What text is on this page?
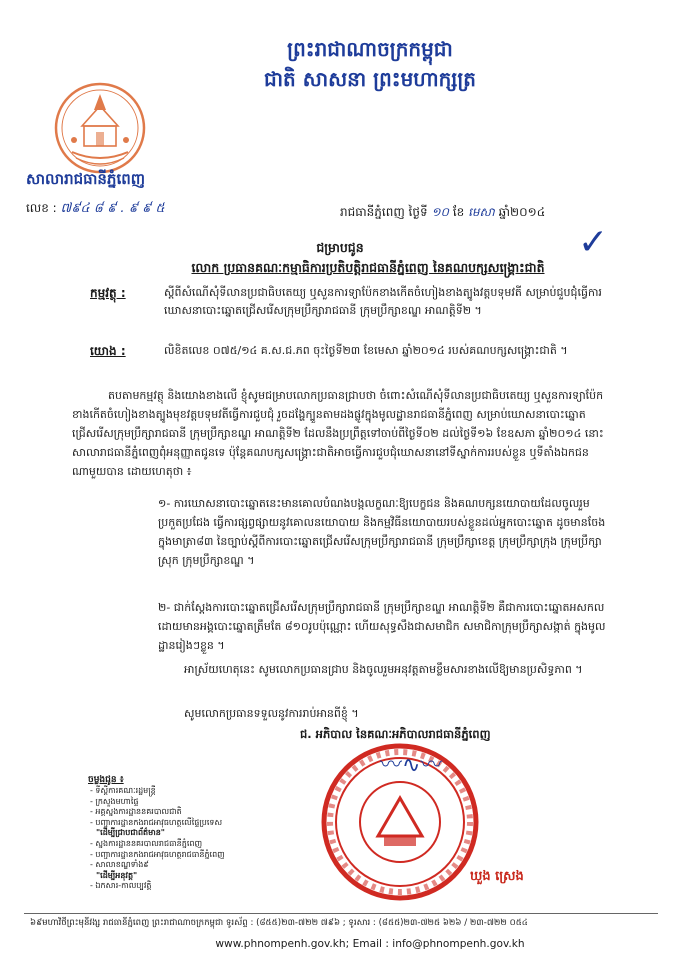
ព្រះរាជាណាចក្រកម្ពុជា
ជាតិ សាសនា ព្រះមហាក្សត្រ
សាលារាជធានីភ្នំពេញ
លេខ : ៧៩៤ ៨ ៩ . ៩ ៩ ៥	រាជធានីភ្នំពេញ ថ្ងៃទី ១០ ខែ មេសា ឆ្នាំ២០១៤
✓
ជម្រាបជូន
លោក ប្រធានគណៈកម្មាធិការប្រតិបត្តិរាជធានីភ្នំពេញ នៃគណបក្សសង្គ្រោះជាតិ
កម្មវត្ថុ :	ស្តីពីសំណើសុំទីលានប្រជាធិបតេយ្យ ឬសួនការទ្យាប៉ែកខាងកើតចំហៀងខាងត្បូងវត្តបទុមវតី សម្រាប់ជួបជុំធ្វើការឃោសនាបោះឆ្នោតជ្រើសរើសក្រុមប្រឹក្សារាជធានី ក្រុមប្រឹក្សាខណ្ឌ អាណត្តិទី២ ។
យោង :	លិខិតលេខ ០៧៥/១៤ គ.ស.ជ.ភព ចុះថ្ងៃទី២៣ ខែមេសា ឆ្នាំ២០១៤ របស់គណបក្សសង្គ្រោះជាតិ ។
តបតាមកម្មវត្ថុ និងយោងខាងលើ ខ្ញុំសូមជម្រាបលោកប្រធានជ្រាបថា ចំពោះសំណើសុំទីលានប្រជាធិបតេយ្យ ឬសួនការទ្យាប៉ែកខាងកើតចំហៀងខាងត្បូងមុខវត្តបទុមវតីធ្វើការជួបជុំ រួចដង្ហែក្បួនតាមដងផ្លូវក្នុងមូលដ្ឋានរាជធានីភ្នំពេញ សម្រាប់ឃោសនាបោះឆ្នោតជ្រើសរើសក្រុមប្រឹក្សារាជធានី ក្រុមប្រឹក្សាខណ្ឌ អាណត្តិទី២ ដែលនឹងប្រព្រឹត្តទៅចាប់ពីថ្ងៃទី០២ ដល់ថ្ងៃទី១៦ ខែឧសភា ឆ្នាំ២០១៤ នោះ សាលារាជធានីភ្នំពេញពុំអនុញ្ញាតជូនទេ ប៉ុន្តែគណបក្សសង្គ្រោះជាតិអាចធ្វើការជួបជុំឃោសនានៅទីស្នាក់ការរបស់ខ្លួន ឬទីតាំងឯកជនណាមួយបាន ដោយហេតុថា ៖
១- ការឃោសនាបោះឆ្នោតនេះមានគោលបំណងបង្កលក្ខណៈឱ្យបេក្ខជន និងគណបក្សនយោបាយដែលចូលរួមប្រកួតប្រជែង ធ្វើការផ្សព្វផ្សាយនូវគោលនយោបាយ និងកម្មវិធីនយោបាយរបស់ខ្លួនដល់អ្នកបោះឆ្នោត ដូចមានចែងក្នុងមាត្រា៨៣ នៃច្បាប់ស្តីពីការបោះឆ្នោតជ្រើសរើសក្រុមប្រឹក្សារាជធានី ក្រុមប្រឹក្សាខេត្ត ក្រុមប្រឹក្សាក្រុង ក្រុមប្រឹក្សាស្រុក ក្រុមប្រឹក្សាខណ្ឌ ។
២- ជាក់ស្តែងការបោះឆ្នោតជ្រើសរើសក្រុមប្រឹក្សារាជធានី ក្រុមប្រឹក្សាខណ្ឌ អាណត្តិទី២ គឺជាការបោះឆ្នោតអសកលដោយមានអង្គបោះឆ្នោតត្រឹមតែ ៨១០រូបប៉ុណ្ណោះ ហើយសុទ្ធសឹងជាសមាជិក សមាជិកាក្រុមប្រឹក្សាសង្កាត់ ក្នុងមូលដ្ឋានរៀងៗខ្លួន ។
អាស្រ័យហេតុនេះ សូមលោកប្រធានជ្រាប និងចូលរួមអនុវត្តតាមខ្លឹមសារខាងលើឱ្យមានប្រសិទ្ធភាព ។
សូមលោកប្រធានទទួលនូវការរាប់អានពីខ្ញុំ ។
ជ. អភិបាល នៃគណៈអភិបាលរាជធានីភ្នំពេញ
〰∿〰
ឃួង ស្រេង
ចម្លងជូន ៖
- ទីស្តីការគណៈរដ្ឋមន្ត្រី
- ក្រសួងមហាផ្ទៃ
- អគ្គស្នងការដ្ឋាននគរបាលជាតិ
- បញ្ជាការដ្ឋានកងរាជអាវុធហត្ថលើផ្ទៃប្រទេស
"ដើម្បីជ្រាបជាព័ត៌មាន"
- ស្នងការដ្ឋាននគរបាលរាជធានីភ្នំពេញ
- បញ្ជាការដ្ឋានកងរាជអាវុធហត្ថរាជធានីភ្នំពេញ
- សាលាខណ្ឌទាំង៩
"ដើម្បីអនុវត្ត"
- ឯកសារ-កាលប្បវត្តិ
៦៩មហាវិថីព្រះមុនីវង្ស រាជធានីភ្នំពេញ ព្រះរាជាណាចក្រកម្ពុជា ទូរស័ព្ទ : (៨៥៥)២៣-៧២២ ៧៩៦ ; ទូរសារ : (៨៥៥)២៣-៧២៥ ៦២៦ / ២៣-៧២២ ០៥៤
www.phnompenh.gov.kh; Email : info@phnompenh.gov.kh
